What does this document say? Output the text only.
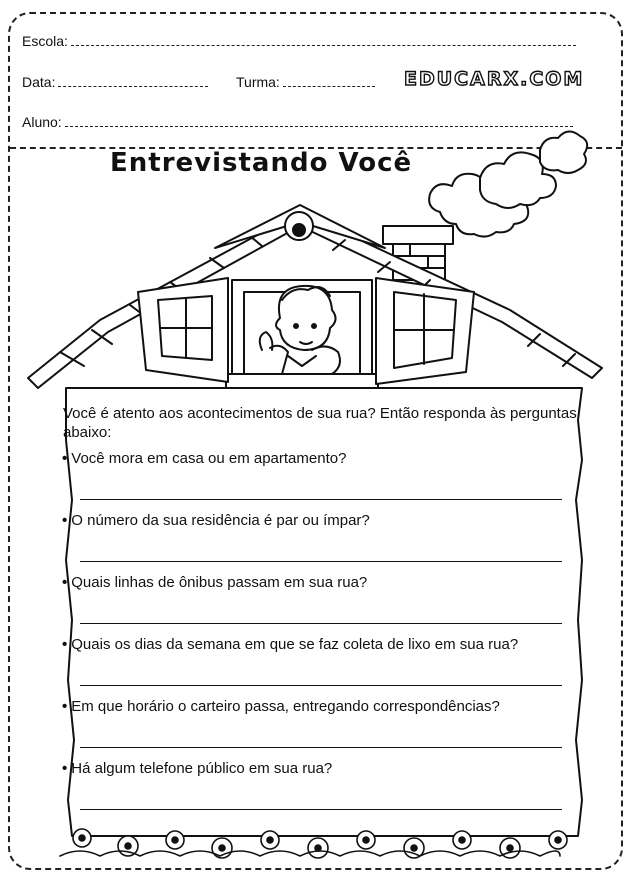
Escola:
Data:	Turma:
Aluno:
EDUCARX.COM
Entrevistando Você
Você é atento aos acontecimentos de sua rua? Então responda às perguntas abaixo:
• Você mora em casa ou em apartamento?
• O número da sua residência é par ou ímpar?
• Quais linhas de ônibus passam em sua rua?
• Quais os dias da semana em que se faz coleta de lixo em sua rua?
• Em que horário o carteiro passa, entregando correspondências?
• Há algum telefone público em sua rua?
